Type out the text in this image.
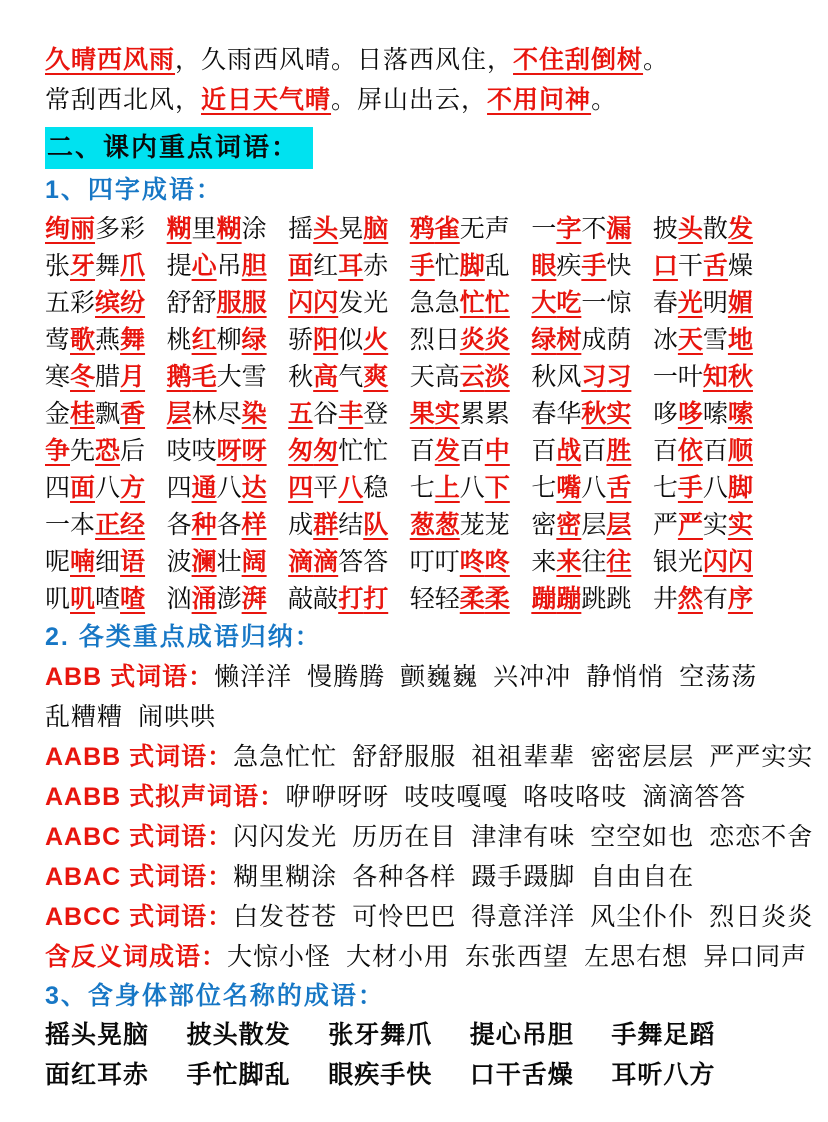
久晴西风雨，久雨西风晴。日落西风住，不住刮倒树。
常刮西北风，近日天气晴。屏山出云，不用问神。
二、课内重点词语：
1、四字成语：
绚丽多彩 糊里糊涂 摇头晃脑 鸦雀无声 一字不漏 披头散发
张牙舞爪 提心吊胆 面红耳赤 手忙脚乱 眼疾手快 口干舌燥
五彩缤纷 舒舒服服 闪闪发光 急急忙忙 大吃一惊 春光明媚
莺歌燕舞 桃红柳绿 骄阳似火 烈日炎炎 绿树成荫 冰天雪地
寒冬腊月 鹅毛大雪 秋高气爽 天高云淡 秋风习习 一叶知秋
金桂飘香 层林尽染 五谷丰登 果实累累 春华秋实 哆哆嗦嗦
争先恐后 吱吱呀呀 匆匆忙忙 百发百中 百战百胜 百依百顺
四面八方 四通八达 四平八稳 七上八下 七嘴八舌 七手八脚
一本正经 各种各样 成群结队 葱葱茏茏 密密层层 严严实实
呢喃细语 波澜壮阔 滴滴答答 叮叮咚咚 来来往往 银光闪闪
叽叽喳喳 汹涌澎湃 敲敲打打 轻轻柔柔 蹦蹦跳跳 井然有序
2. 各类重点成语归纳：
ABB 式词语：懒洋洋 慢腾腾 颤巍巍 兴冲冲 静悄悄 空荡荡
乱糟糟 闹哄哄
AABB 式词语：急急忙忙 舒舒服服 祖祖辈辈 密密层层 严严实实
AABB 式拟声词语：咿咿呀呀 吱吱嘎嘎 咯吱咯吱 滴滴答答
AABC 式词语：闪闪发光 历历在目 津津有味 空空如也 恋恋不舍
ABAC 式词语：糊里糊涂 各种各样 蹑手蹑脚 自由自在
ABCC 式词语：白发苍苍 可怜巴巴 得意洋洋 风尘仆仆 烈日炎炎
含反义词成语：大惊小怪 大材小用 东张西望 左思右想 异口同声
3、含身体部位名称的成语：
摇头晃脑	披头散发	张牙舞爪	提心吊胆	手舞足蹈
面红耳赤	手忙脚乱	眼疾手快	口干舌燥	耳听八方
